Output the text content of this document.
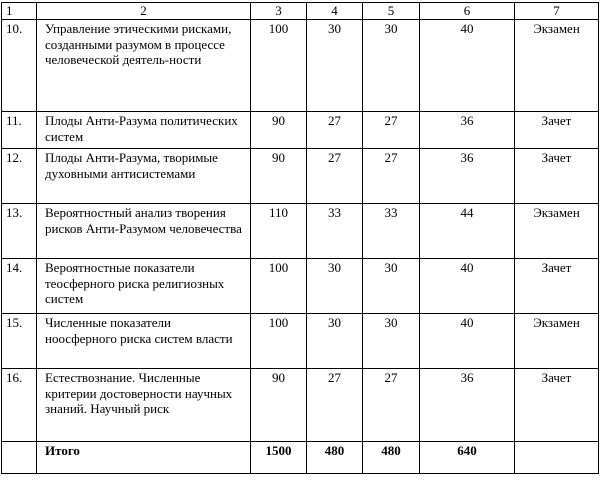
1	2	3	4	5	6	7
10.	Управление этическими рисками, созданными разумом в процессе человеческой деятель-ности	100	30	30	40	Экзамен
11.	Плоды Анти-Разума политических систем	90	27	27	36	Зачет
12.	Плоды Анти-Разума, творимые духовными антисистемами	90	27	27	36	Зачет
13.	Вероятностный анализ творения рисков Анти-Разумом человечества	110	33	33	44	Экзамен
14.	Вероятностные показатели теосферного риска религиозных систем	100	30	30	40	Зачет
15.	Численные показатели ноосферного риска систем власти	100	30	30	40	Экзамен
16.	Естествознание. Численные критерии достоверности научных знаний. Научный риск	90	27	27	36	Зачет
	Итого	1500	480	480	640	
